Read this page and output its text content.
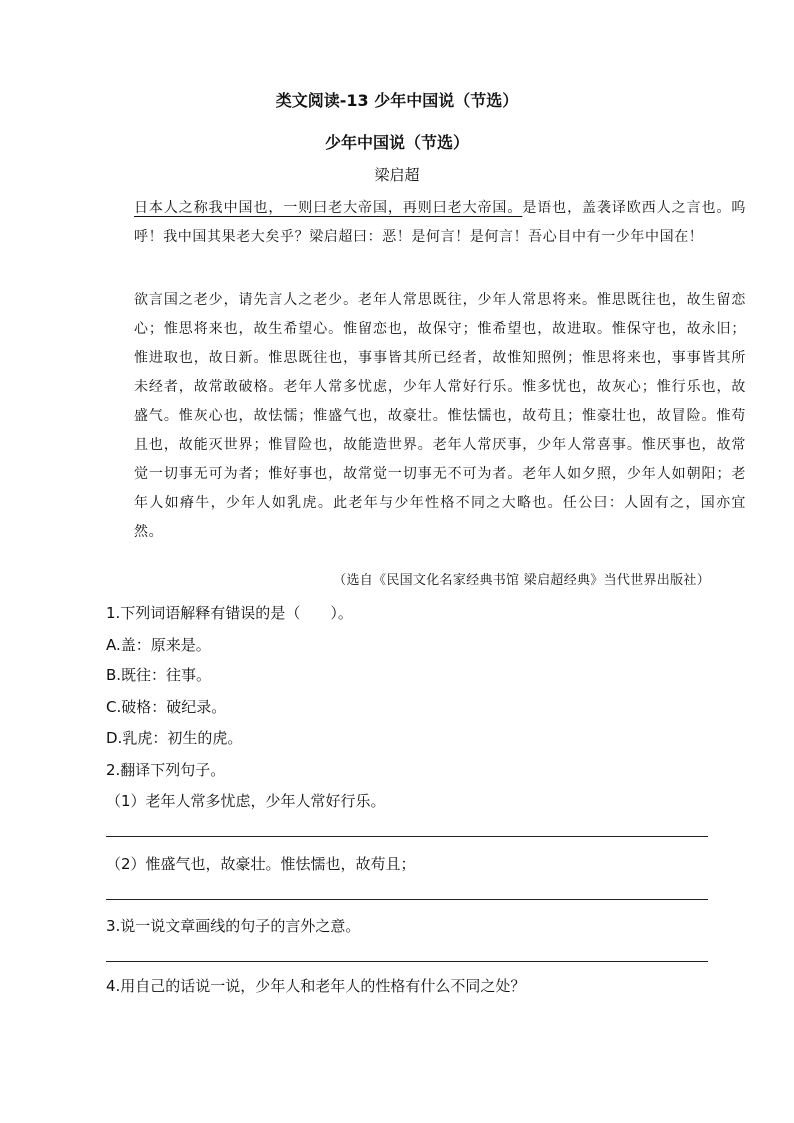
类文阅读-13 少年中国说（节选）
少年中国说（节选）
梁启超
日本人之称我中国也，一则曰老大帝国，再则曰老大帝国。是语也，盖袭译欧西人之言也。呜呼！我中国其果老大矣乎？梁启超曰：恶！是何言！是何言！吾心目中有一少年中国在！
欲言国之老少，请先言人之老少。老年人常思既往，少年人常思将来。惟思既往也，故生留恋心；惟思将来也，故生希望心。惟留恋也，故保守；惟希望也，故进取。惟保守也，故永旧；惟进取也，故日新。惟思既往也，事事皆其所已经者，故惟知照例；惟思将来也，事事皆其所未经者，故常敢破格。老年人常多忧虑，少年人常好行乐。惟多忧也，故灰心；惟行乐也，故盛气。惟灰心也，故怯懦；惟盛气也，故豪壮。惟怯懦也，故苟且；惟豪壮也，故冒险。惟苟且也，故能灭世界；惟冒险也，故能造世界。老年人常厌事，少年人常喜事。惟厌事也，故常觉一切事无可为者；惟好事也，故常觉一切事无不可为者。老年人如夕照，少年人如朝阳；老年人如瘠牛，少年人如乳虎。此老年与少年性格不同之大略也。任公曰：人固有之，国亦宜然。
（选自《民国文化名家经典书馆 梁启超经典》当代世界出版社）
1.下列词语解释有错误的是（　　）。
A.盖：原来是。
B.既往：往事。
C.破格：破纪录。
D.乳虎：初生的虎。
2.翻译下列句子。
（1）老年人常多忧虑，少年人常好行乐。
（2）惟盛气也，故豪壮。惟怯懦也，故苟且；
3.说一说文章画线的句子的言外之意。
4.用自己的话说一说，少年人和老年人的性格有什么不同之处？
